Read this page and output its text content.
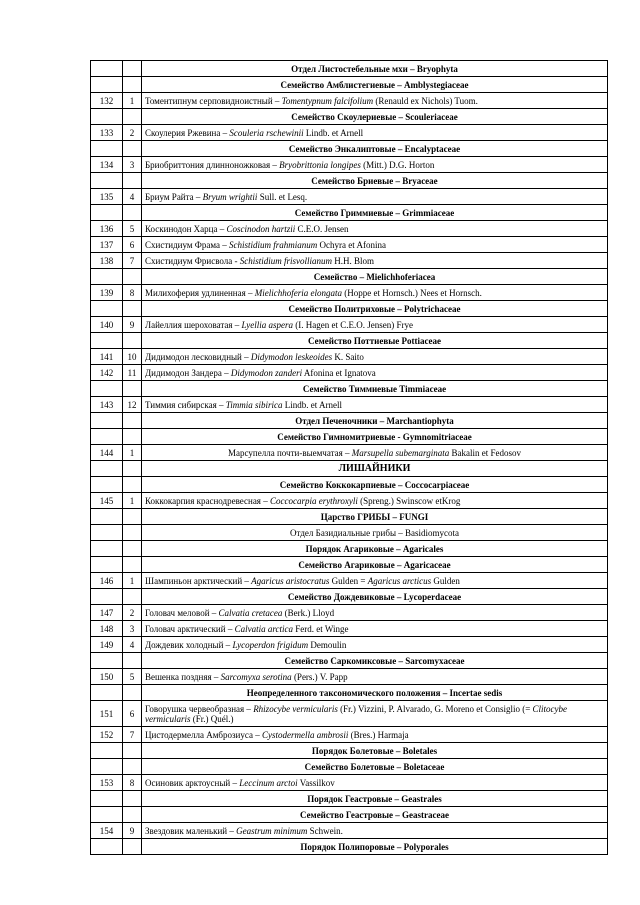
		Отдел Листостебельные мхи – Bryophyta
		Семейство Амблистегиевые – Amblystegiaceae
132	1	Томентипнум серповидноистный – Tomentypnum falcifolium (Renauld ex Nichols) Tuom.
		Семейство Скоулериевые – Scouleriaceae
133	2	Скоулерия Ржевина – Scouleria rschewinii Lindb. et Arnell
		Семейство Энкалиптовые – Encalyptaceae
134	3	Бриобриттония длинноножковая – Bryobrittonia longipes (Mitt.) D.G. Horton
		Семейство Бриевые – Bryaceae
135	4	Бриум Райта – Bryum wrightii Sull. et Lesq.
		Семейство Гриммиевые – Grimmiaceae
136	5	Коскинодон Харца – Coscinodon hartzii C.E.O. Jensen
137	6	Схистидиум Фрама – Schistidium frahmianum Ochyra et Afonina
138	7	Схистидиум Фрисвола - Schistidium frisvollianum H.H. Blom
		Семейство – Mielichhoferiacea
139	8	Милихоферия удлиненная – Mielichhoferia elongata (Hoppe et Hornsch.) Nees et Hornsch.
		Семейство Политриховые – Polytrichaceae
140	9	Лайеллия шероховатая – Lyellia aspera (I. Hagen et C.E.O. Jensen) Frye
		Семейство Поттиевые Pottiaceae
141	10	Дидимодон лесковидный – Didymodon leskeoides K. Saito
142	11	Дидимодон Зандера – Didymodon zanderi Afonina et Ignatova
		Семейство Тиммиевые Timmiaceae
143	12	Тиммия сибирская – Timmia sibirica Lindb. et Arnell
		Отдел Печеночники – Marchantiophyta
		Семейство Гимномитриевые - Gymnomitriaceae
144	1	Марсупелла почти-выемчатая – Marsupella subemarginata Bakalin et Fedosov
		ЛИШАЙНИКИ
		Семейство Коккокарпиевые – Coccocarpiaceae
145	1	Коккокарпия краснодревесная – Coccocarpia erythroxyli (Spreng.) Swinscow etKrog
		Царство ГРИБЫ – FUNGI
		Отдел Базидиальные грибы – Basidiomycota
		Порядок Агариковые – Agaricales
		Семейство Агариковые – Agaricaceae
146	1	Шампиньон арктический – Agaricus aristocratus Gulden = Agaricus arcticus Gulden
		Семейство Дождевиковые – Lycoperdaceae
147	2	Головач меловой – Calvatia cretacea (Berk.) Lloyd
148	3	Головач арктический – Calvatia arctica Ferd. et Winge
149	4	Дождевик холодный – Lycoperdon frigidum Demoulin
		Семейство Саркомиксовые – Sarcomyxaceae
150	5	Вешенка поздняя – Sarcomyxa serotina (Pers.) V. Papp
		Неопределенного таксономического положения – Incertae sedis
151	6	Говорушка червеобразная – Rhizocybe vermicularis (Fr.) Vizzini, P. Alvarado, G. Moreno et Consiglio (= Clitocybe vermicularis (Fr.) Quél.)
152	7	Цистодермелла Амброзиуса – Cystodermella ambrosii (Bres.) Harmaja
		Порядок Болетовые – Boletales
		Семейство Болетовые – Boletaceae
153	8	Осиновик арктоусный – Leccinum arctoi Vassilkov
		Порядок Геастровые – Geastrales
		Семейство Геастровые – Geastraceae
154	9	Звездовик маленький – Geastrum minimum Schwein.
		Порядок Полипоровые – Polyporales
